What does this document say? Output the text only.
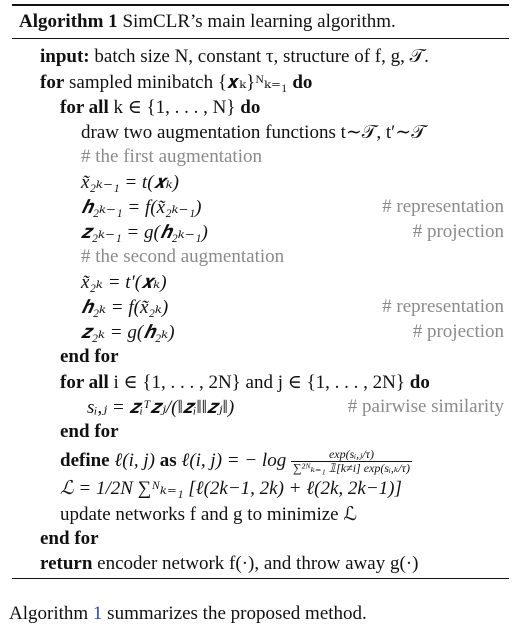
Algorithm 1 SimCLR’s main learning algorithm.
input: batch size N, constant τ, structure of f, g, 𝒯.
for sampled minibatch {𝒙ₖ}ᴺₖ₌₁ do
for all k ∈ {1, . . . , N} do
draw two augmentation functions t∼𝒯, t′∼𝒯
# the first augmentation
x̃₂ₖ₋₁ = t(𝒙ₖ)
𝒉₂ₖ₋₁ = f(x̃₂ₖ₋₁)	# representation
𝒛₂ₖ₋₁ = g(𝒉₂ₖ₋₁)	# projection
# the second augmentation
x̃₂ₖ = t′(𝒙ₖ)
𝒉₂ₖ = f(x̃₂ₖ)	# representation
𝒛₂ₖ = g(𝒉₂ₖ)	# projection
end for
for all i ∈ {1, . . . , 2N} and j ∈ {1, . . . , 2N} do
sᵢ,ⱼ = 𝒛ᵢᵀ𝒛ⱼ/(‖𝒛ᵢ‖‖𝒛ⱼ‖)	# pairwise similarity
end for
define ℓ(i, j) as ℓ(i, j) = − $\log \frac{\text{exp(sᵢ,ⱼ/τ)}}{\text{∑²ᴺₖ₌₁ 𝟙[k≠i] exp(sᵢ,ₖ/τ)}}$
ℒ = 1/2N ∑ᴺₖ₌₁ [ℓ(2k−1, 2k) + ℓ(2k, 2k−1)]
update networks f and g to minimize ℒ
end for
return encoder network f(·), and throw away g(·)
Algorithm 1 summarizes the proposed method.
